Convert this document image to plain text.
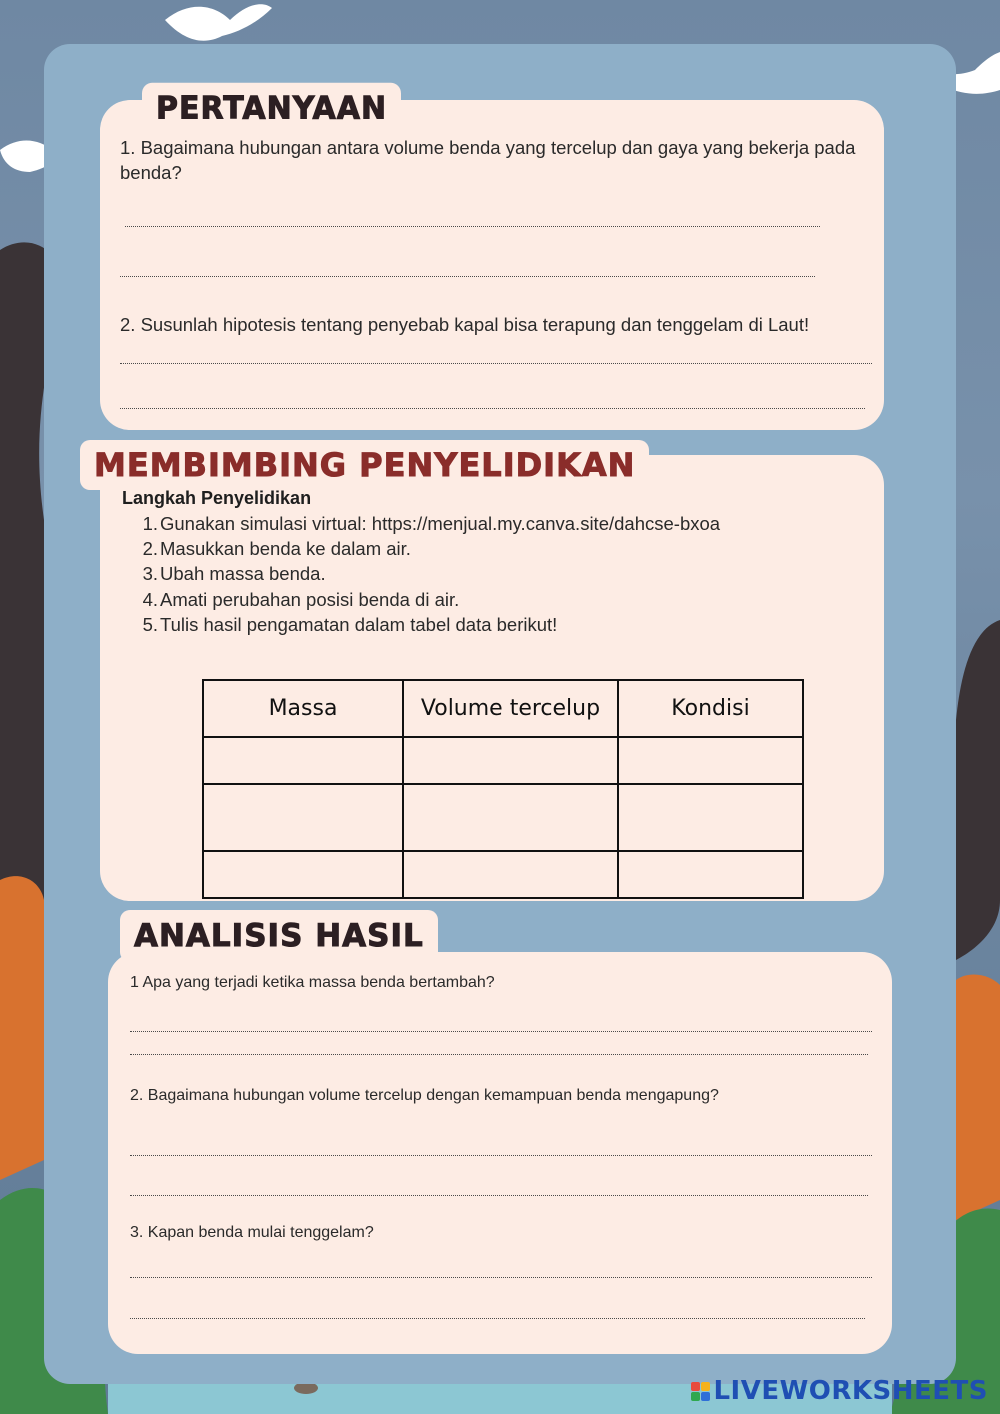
PERTANYAAN
1. Bagaimana hubungan antara volume benda yang tercelup dan gaya yang bekerja pada benda?
2. Susunlah hipotesis tentang penyebab kapal bisa terapung dan tenggelam di Laut!
MEMBIMBING PENYELIDIKAN
Langkah Penyelidikan
1. Gunakan simulasi virtual: https://menjual.my.canva.site/dahcse-bxoa
2. Masukkan benda ke dalam air.
3. Ubah massa benda.
4. Amati perubahan posisi benda di air.
5. Tulis hasil pengamatan dalam tabel data berikut!
Massa	Volume tercelup	Kondisi

ANALISIS HASIL
1 Apa yang terjadi ketika massa benda bertambah?
2. Bagaimana hubungan volume tercelup dengan kemampuan benda mengapung?
3. Kapan benda mulai tenggelam?
LIVEWORKSHEETS
